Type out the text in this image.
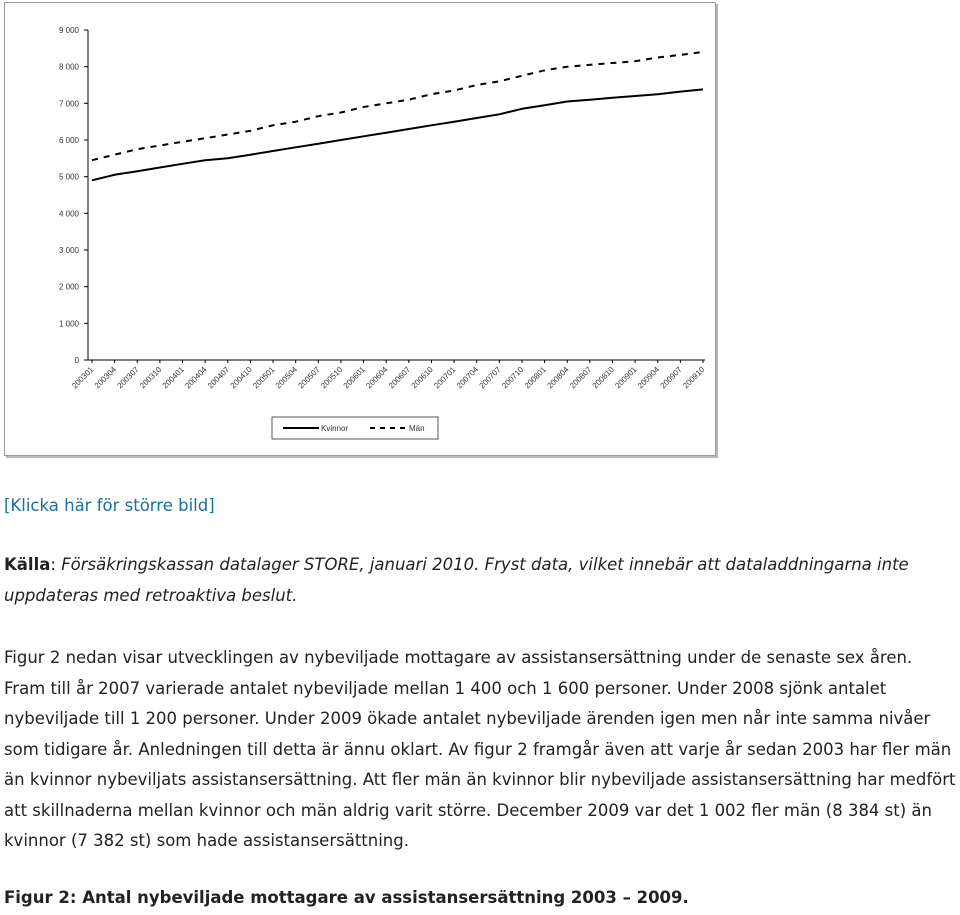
0
1 000
2 000
3 000
4 000
5 000
6 000
7 000
8 000
9 000
200301
200304
200307
200310
200401
200404
200407
200410
200501
200504
200507
200510
200601
200604
200607
200610
200701
200704
200707
200710
200801
200804
200807
200810
200901
200904
200907
200910
Kvinnor	Män
[Klicka här för större bild]

Källa: Försäkringskassan datalager STORE, januari 2010. Fryst data, vilket innebär att dataladdningarna inte uppdateras med retroaktiva beslut.

Figur 2 nedan visar utvecklingen av nybeviljade mottagare av assistansersättning under de senaste sex åren. Fram till år 2007 varierade antalet nybeviljade mellan 1 400 och 1 600 personer. Under 2008 sjönk antalet nybeviljade till 1 200 personer. Under 2009 ökade antalet nybeviljade ärenden igen men når inte samma nivåer som tidigare år. Anledningen till detta är ännu oklart. Av figur 2 framgår även att varje år sedan 2003 har fler män än kvinnor nybeviljats assistansersättning. Att fler män än kvinnor blir nybeviljade assistansersättning har medfört att skillnaderna mellan kvinnor och män aldrig varit större. December 2009 var det 1 002 fler män (8 384 st) än kvinnor (7 382 st) som hade assistansersättning.

Figur 2: Antal nybeviljade mottagare av assistansersättning 2003 – 2009.
